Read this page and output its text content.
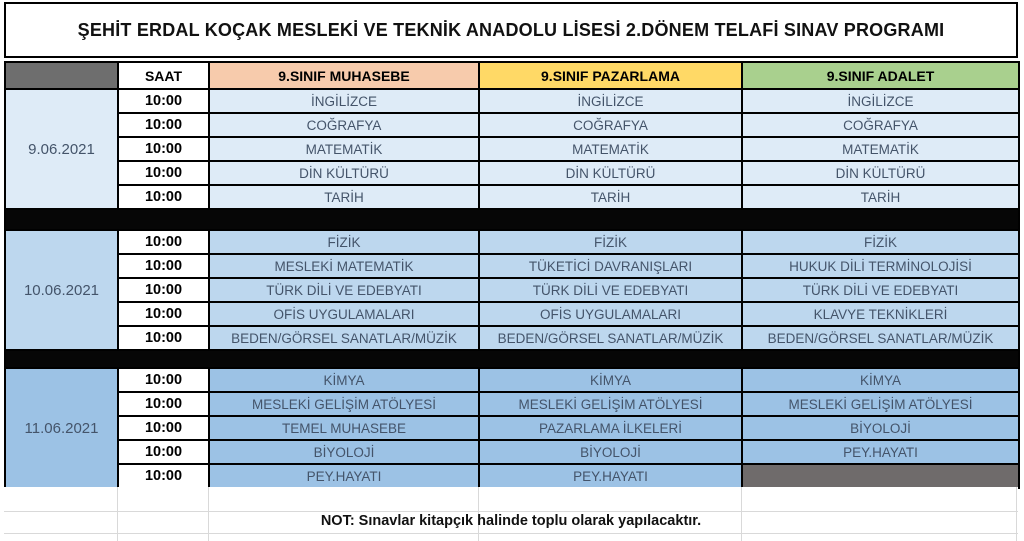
ŞEHİT ERDAL KOÇAK MESLEKİ VE TEKNİK ANADOLU LİSESİ 2.DÖNEM TELAFİ SINAV PROGRAMI
	SAAT	9.SINIF MUHASEBE	9.SINIF PAZARLAMA	9.SINIF ADALET
9.06.2021	10:00	İNGİLİZCE	İNGİLİZCE	İNGİLİZCE
	10:00	COĞRAFYA	COĞRAFYA	COĞRAFYA
	10:00	MATEMATİK	MATEMATİK	MATEMATİK
	10:00	DİN KÜLTÜRÜ	DİN KÜLTÜRÜ	DİN KÜLTÜRÜ
	10:00	TARİH	TARİH	TARİH

10.06.2021	10:00	FİZİK	FİZİK	FİZİK
	10:00	MESLEKİ MATEMATİK	TÜKETİCİ DAVRANIŞLARI	HUKUK DİLİ TERMİNOLOJİSİ
	10:00	TÜRK DİLİ VE EDEBYATI	TÜRK DİLİ VE EDEBYATI	TÜRK DİLİ VE EDEBYATI
	10:00	OFİS UYGULAMALARI	OFİS UYGULAMALARI	KLAVYE TEKNİKLERİ
	10:00	BEDEN/GÖRSEL SANATLAR/MÜZİK	BEDEN/GÖRSEL SANATLAR/MÜZİK	BEDEN/GÖRSEL SANATLAR/MÜZİK

11.06.2021	10:00	KİMYA	KİMYA	KİMYA
	10:00	MESLEKİ GELİŞİM ATÖLYESİ	MESLEKİ GELİŞİM ATÖLYESİ	MESLEKİ GELİŞİM ATÖLYESİ
	10:00	TEMEL MUHASEBE	PAZARLAMA İLKELERİ	BİYOLOJİ
	10:00	BİYOLOJİ	BİYOLOJİ	PEY.HAYATI
	10:00	PEY.HAYATI	PEY.HAYATI	
NOT: Sınavlar kitapçık halinde toplu olarak yapılacaktır.
